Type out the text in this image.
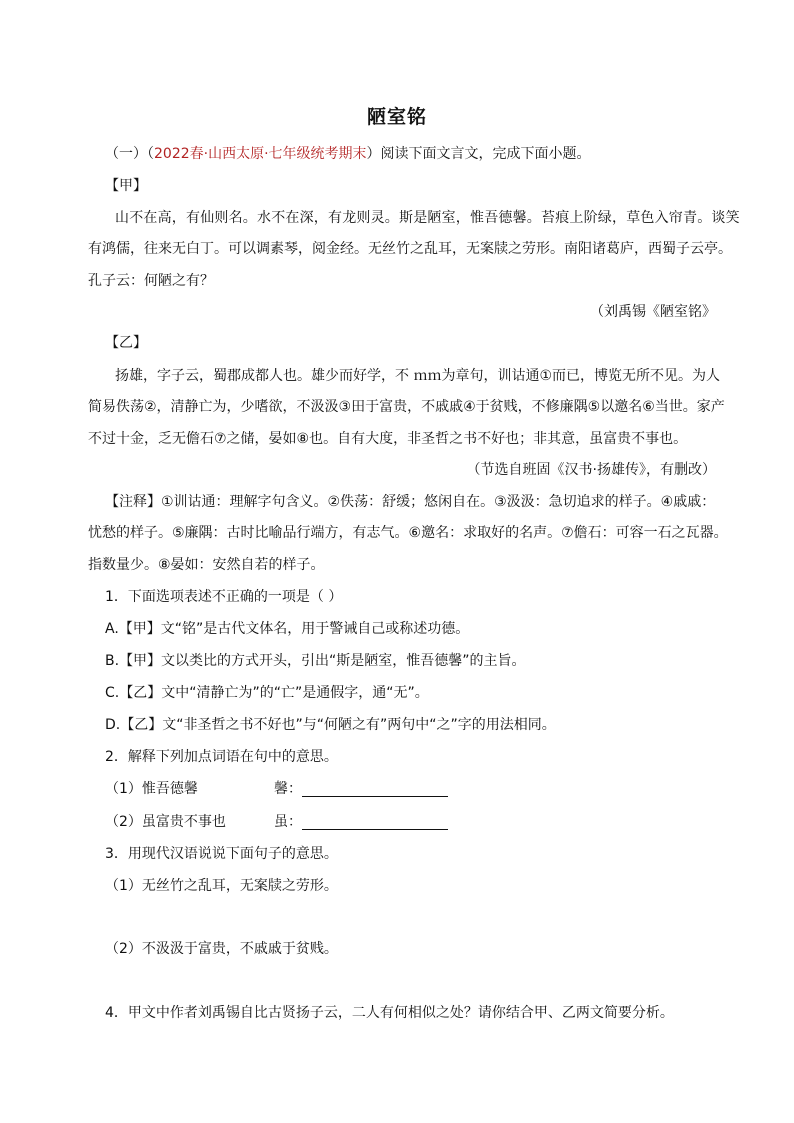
陋室铭
（一）（2022春·山西太原·七年级统考期末）阅读下面文言文，完成下面小题。
【甲】
山不在高，有仙则名。水不在深，有龙则灵。斯是陋室，惟吾德馨。苔痕上阶绿，草色入帘青。谈笑
有鸿儒，往来无白丁。可以调素琴，阅金经。无丝竹之乱耳，无案牍之劳形。南阳诸葛庐，西蜀子云亭。
孔子云：何陋之有？
（刘禹锡《陋室铭》
【乙】
扬雄，字子云，蜀郡成都人也。雄少而好学，不 ｍｍ为章句，训诂通①而已，博览无所不见。为人
简易佚荡②，清静亡为，少嗜欲，不汲汲③田于富贵，不戚戚④于贫贱，不修廉隅⑤以邀名⑥当世。家产
不过十金，乏无儋石⑦之储，晏如⑧也。自有大度，非圣哲之书不好也；非其意，虽富贵不事也。
（节选自班固《汉书·扬雄传》，有删改）
【注释】①训诂通：理解字句含义。②佚荡：舒缓；悠闲自在。③汲汲：急切追求的样子。④戚戚：
忧愁的样子。⑤廉隅：古时比喻品行端方，有志气。⑥邀名：求取好的名声。⑦儋石：可容一石之瓦器。
指数量少。⑧晏如：安然自若的样子。
1．下面选项表述不正确的一项是（ ）
A.【甲】文“铭”是古代文体名，用于警诫自己或称述功德。
B.【甲】文以类比的方式开头，引出“斯是陋室，惟吾德馨”的主旨。
C.【乙】文中“清静亡为”的“亡”是通假字，通“无”。
D.【乙】文“非圣哲之书不好也”与“何陋之有”两句中“之”字的用法相同。
2．解释下列加点词语在句中的意思。
（1）惟吾德馨	馨：
（2）虽富贵不事也	虽：
3．用现代汉语说说下面句子的意思。
（1）无丝竹之乱耳，无案牍之劳形。
（2）不汲汲于富贵，不戚戚于贫贱。
4．甲文中作者刘禹锡自比古贤扬子云，二人有何相似之处？请你结合甲、乙两文简要分析。
